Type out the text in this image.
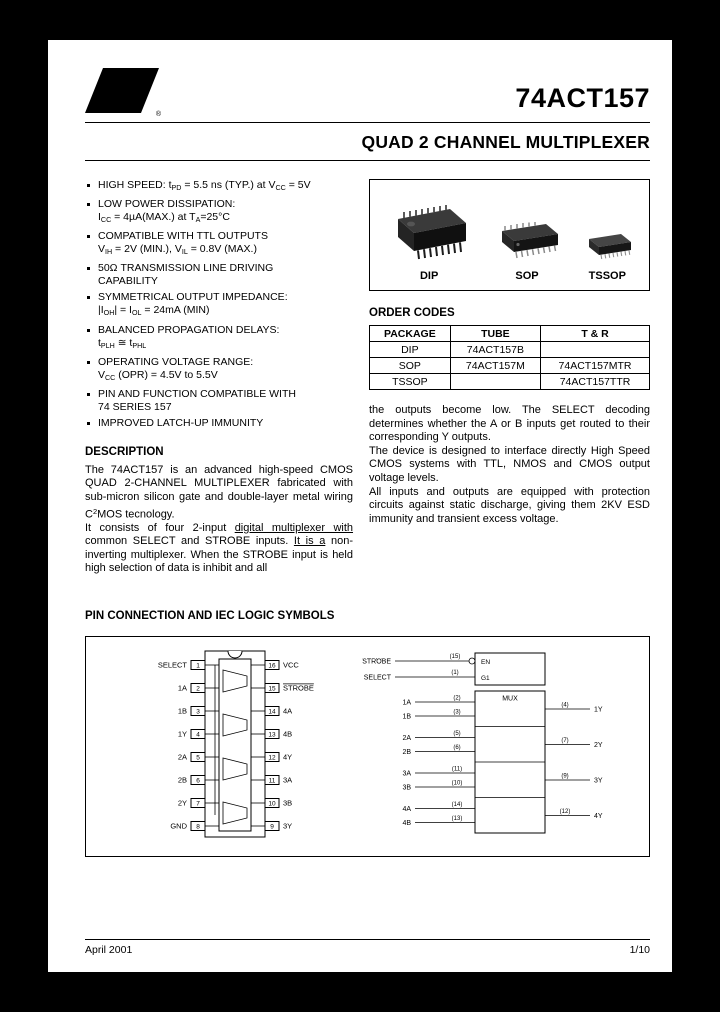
ST
®
74ACT157
QUAD 2 CHANNEL MULTIPLEXER
HIGH SPEED: $t_{PD} = 5.5$ ns (TYP.) at $V_{CC} = 5V$
LOW POWER DISSIPATION:
$I_{CC} = 4\mu A(MAX.)$ at $T_A=25^\circ C$
COMPATIBLE WITH TTL OUTPUTS
$V_{IH} = 2V$ (MIN.), $V_{IL} = 0.8V$ (MAX.)
50Ω TRANSMISSION LINE DRIVING
CAPABILITY
SYMMETRICAL OUTPUT IMPEDANCE:
$|I_{OH}| = I_{OL} = 24mA$ (MIN)
BALANCED PROPAGATION DELAYS:
$t_{PLH}$ ≅ $t_{PHL}$
OPERATING VOLTAGE RANGE:
$V_{CC}$ (OPR) = 4.5V to 5.5V
PIN AND FUNCTION COMPATIBLE WITH
74 SERIES 157
IMPROVED LATCH-UP IMMUNITY
DESCRIPTION

The 74ACT157 is an advanced high-speed CMOS QUAD 2-CHANNEL MULTIPLEXER fabricated with sub-micron silicon gate and double-layer metal wiring $C^2MOS$ tecnology.

It consists of four 2-input digital multiplexer with common SELECT and STROBE inputs. It is a non-inverting multiplexer. When the STROBE input is held high selection of data is inhibit and all

DIP	SOP	TSSOP
ORDER CODES
PACKAGE	TUBE	T & R
DIP	74ACT157B	
SOP	74ACT157M	74ACT157MTR
TSSOP		74ACT157TTR

the outputs become low. The SELECT decoding determines whether the A or B inputs get routed to their corresponding Y outputs.

The device is designed to interface directly High Speed CMOS systems with TTL, NMOS and CMOS output voltage levels.

All inputs and outputs are equipped with protection circuits against static discharge, giving them 2KV ESD immunity and transient excess voltage.

PIN CONNECTION AND IEC LOGIC SYMBOLS
1
2
3
4
5
6
7
8
16
15
14
13
12
11
10
9
SELECT
1A
1B
1Y
2A
2B
2Y
GND
VCC
STROBE
4A
4B
4Y
3A
3B
3Y
STROBE
(15)
SELECT
(1)
EN
G1
MUX
1A
(2)
1B
(3)
2A
(5)
2B
(6)
3A
(11)
3B
(10)
4A
(14)
4B
(13)
1Y
(4)
2Y
(7)
3Y
(9)
4Y
(12)
April 2001	1/10
